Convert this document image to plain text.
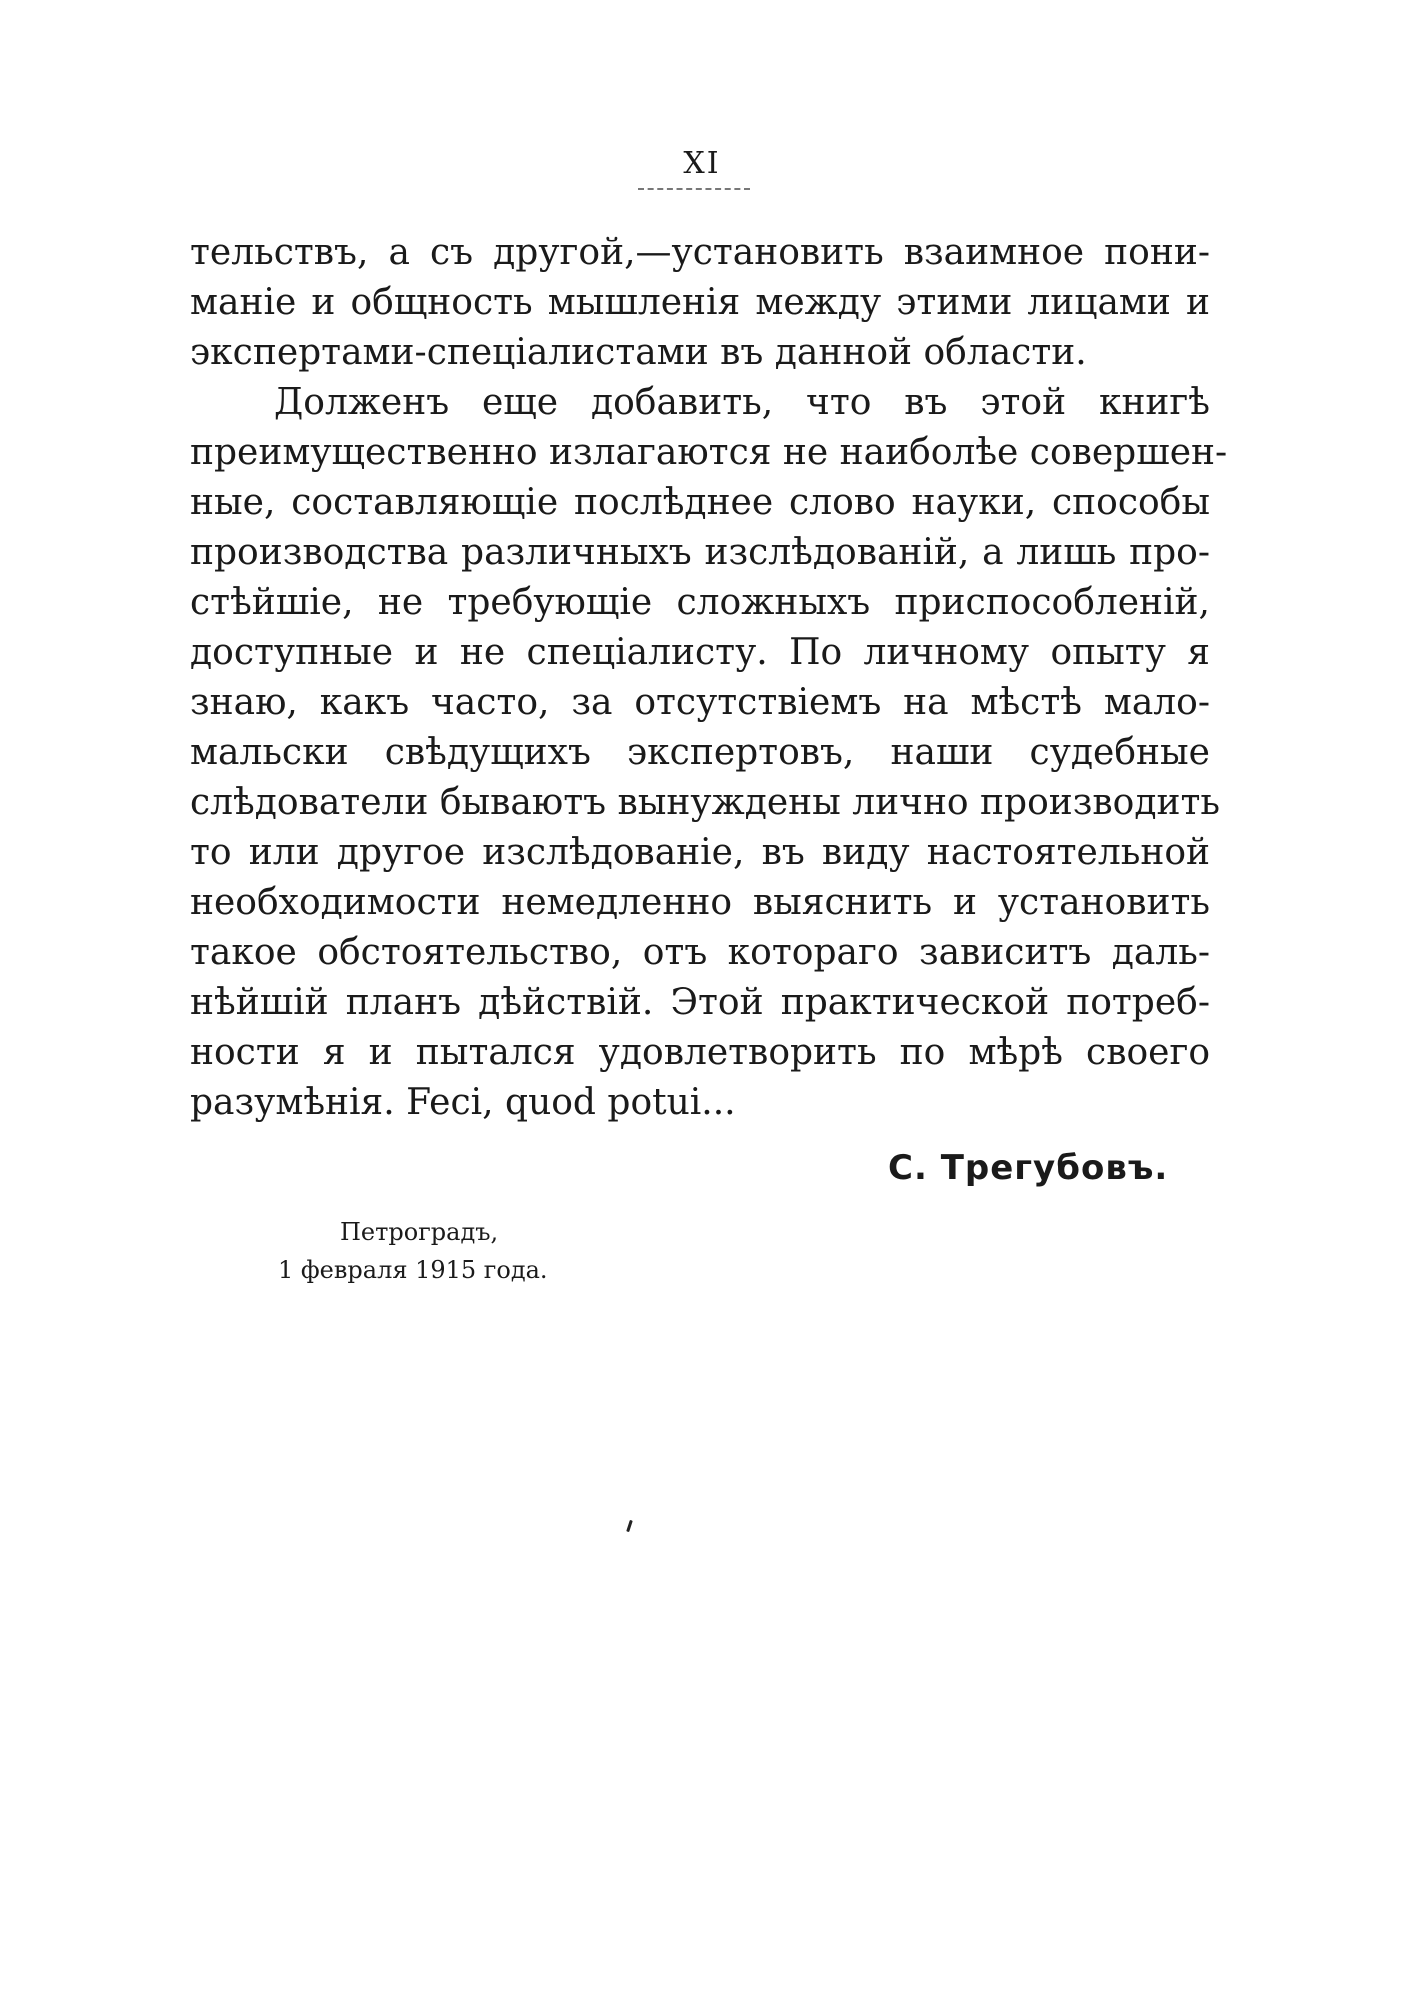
XI
тельствъ, а съ другой,—установить взаимное пони-
маніе и общность мышленія между этими лицами и
экспертами-спеціалистами въ данной области.
Долженъ еще добавить, что въ этой книгѣ
преимущественно излагаются не наиболѣе совершен-
ные, составляющіе послѣднее слово науки, способы
производства различныхъ изслѣдованій, а лишь про-
стѣйшіе, не требующіе сложныхъ приспособленій,
доступные и не спеціалисту. По личному опыту я
знаю, какъ часто, за отсутствіемъ на мѣстѣ мало-
мальски свѣдущихъ экспертовъ, наши судебные
слѣдователи бываютъ вынуждены лично производить
то или другое изслѣдованіе, въ виду настоятельной
необходимости немедленно выяснить и установить
такое обстоятельство, отъ котораго зависитъ даль-
нѣйшій планъ дѣйствій. Этой практической потреб-
ности я и пытался удовлетворить по мѣрѣ своего
разумѣнія. Feci, quod potui...
С. Трегубовъ.
Петроградъ,
1 февраля 1915 года.
